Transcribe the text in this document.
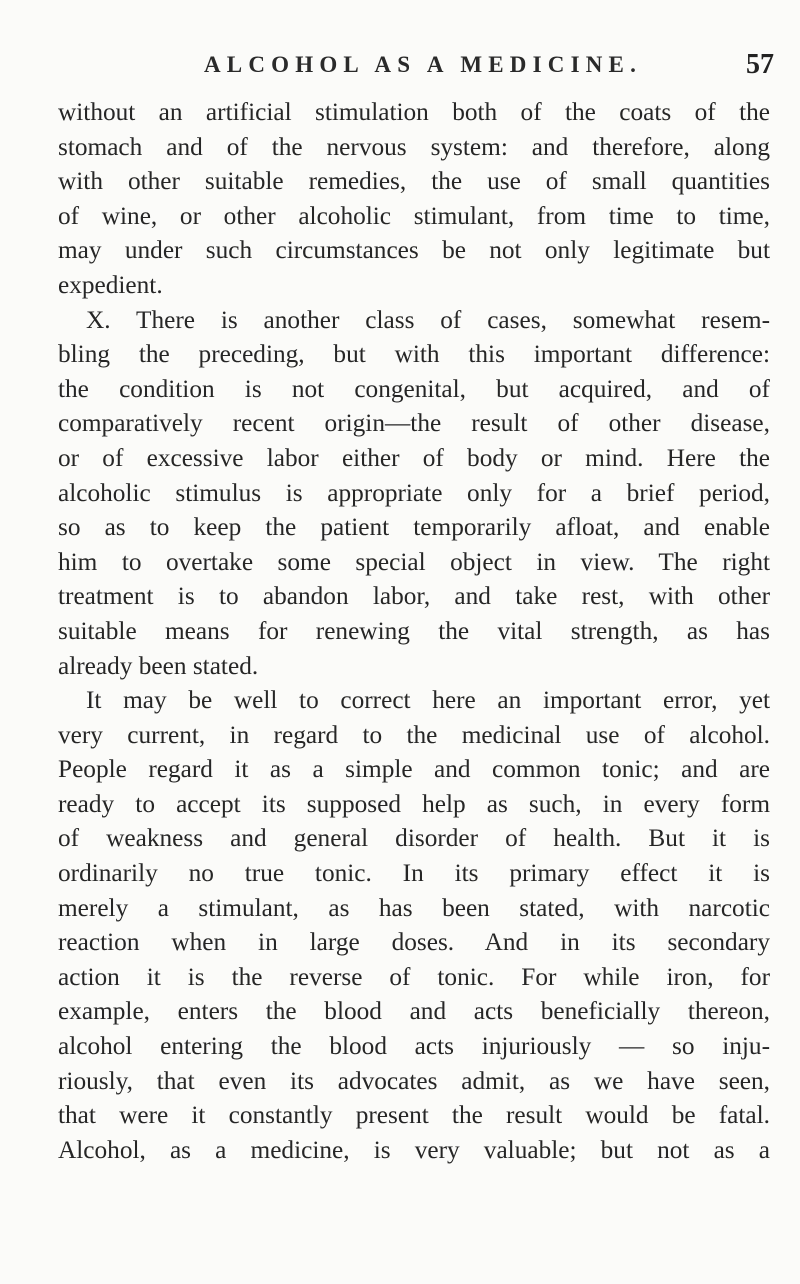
ALCOHOL AS A MEDICINE.	57
without an artificial stimulation both of the coats of the
stomach and of the nervous system: and therefore, along
with other suitable remedies, the use of small quantities
of wine, or other alcoholic stimulant, from time to time,
may under such circumstances be not only legitimate but
expedient.
X. There is another class of cases, somewhat resem-
bling the preceding, but with this important difference:
the condition is not congenital, but acquired, and of
comparatively recent origin—the result of other disease,
or of excessive labor either of body or mind. Here the
alcoholic stimulus is appropriate only for a brief period,
so as to keep the patient temporarily afloat, and enable
him to overtake some special object in view. The right
treatment is to abandon labor, and take rest, with other
suitable means for renewing the vital strength, as has
already been stated.
It may be well to correct here an important error, yet
very current, in regard to the medicinal use of alcohol.
People regard it as a simple and common tonic; and are
ready to accept its supposed help as such, in every form
of weakness and general disorder of health. But it is
ordinarily no true tonic. In its primary effect it is
merely a stimulant, as has been stated, with narcotic
reaction when in large doses. And in its secondary
action it is the reverse of tonic. For while iron, for
example, enters the blood and acts beneficially thereon,
alcohol entering the blood acts injuriously — so inju-
riously, that even its advocates admit, as we have seen,
that were it constantly present the result would be fatal.
Alcohol, as a medicine, is very valuable; but not as a
